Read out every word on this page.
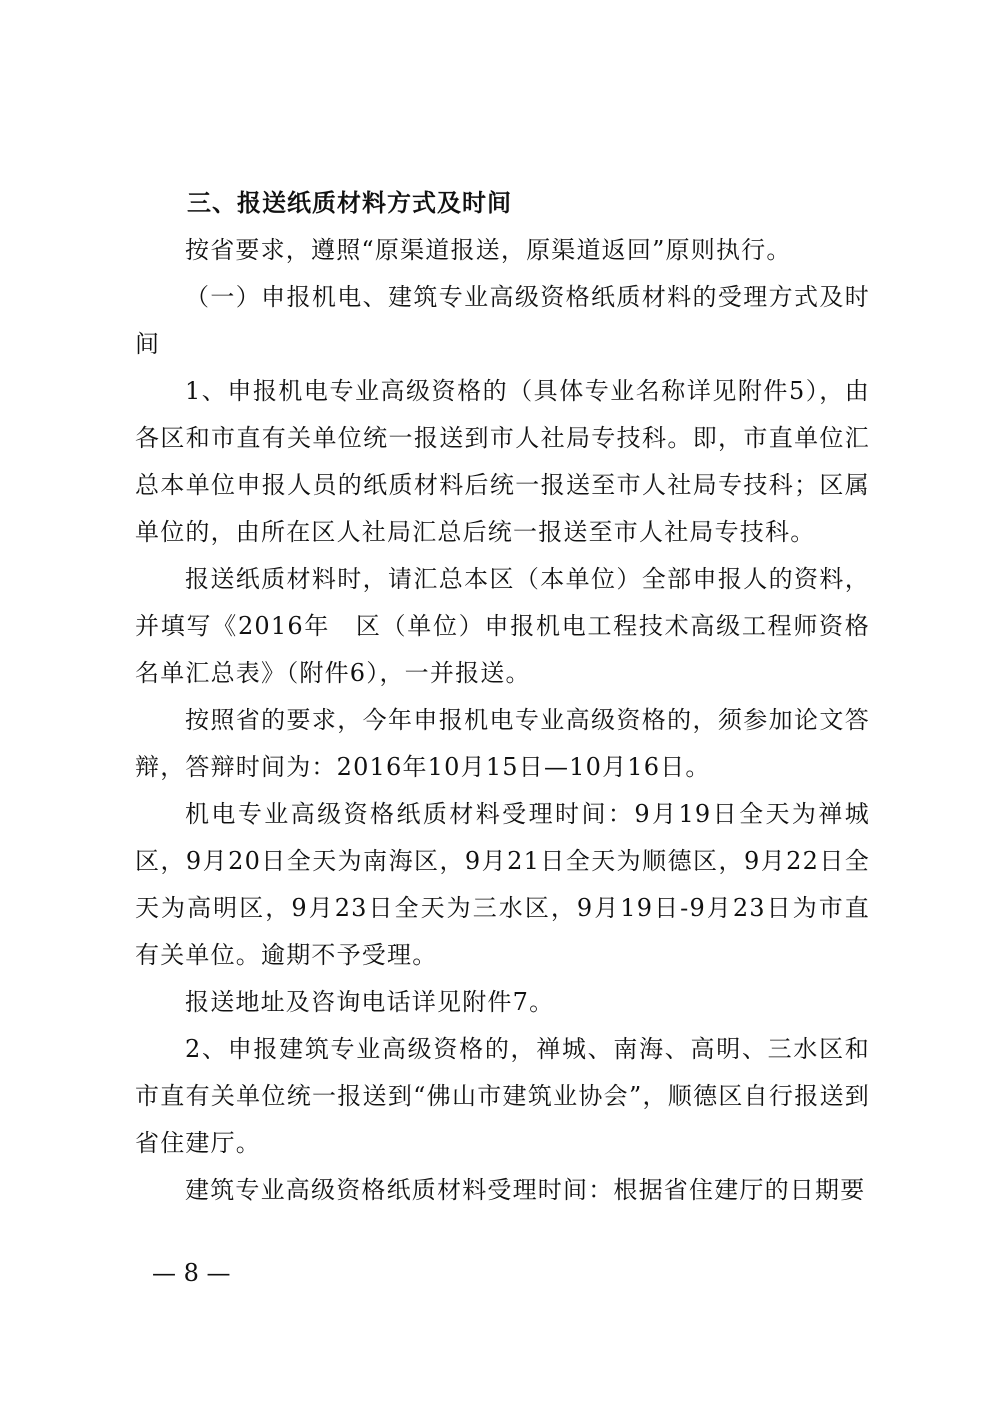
三、报送纸质材料方式及时间

按省要求，遵照“原渠道报送，原渠道返回”原则执行。

（一）申报机电、建筑专业高级资格纸质材料的受理方式及时间

1、申报机电专业高级资格的（具体专业名称详见附件5），由各区和市直有关单位统一报送到市人社局专技科。即，市直单位汇总本单位申报人员的纸质材料后统一报送至市人社局专技科；区属单位的，由所在区人社局汇总后统一报送至市人社局专技科。

报送纸质材料时，请汇总本区（本单位）全部申报人的资料，并填写《2016年　区（单位）申报机电工程技术高级工程师资格名单汇总表》（附件6），一并报送。

按照省的要求，今年申报机电专业高级资格的，须参加论文答辩，答辩时间为：2016年10月15日—10月16日。

机电专业高级资格纸质材料受理时间：9月19日全天为禅城区，9月20日全天为南海区，9月21日全天为顺德区，9月22日全天为高明区，9月23日全天为三水区，9月19日-9月23日为市直有关单位。逾期不予受理。

报送地址及咨询电话详见附件7。

2、申报建筑专业高级资格的，禅城、南海、高明、三水区和市直有关单位统一报送到“佛山市建筑业协会”，顺德区自行报送到省住建厅。

建筑专业高级资格纸质材料受理时间：根据省住建厅的日期要

— 8 —
